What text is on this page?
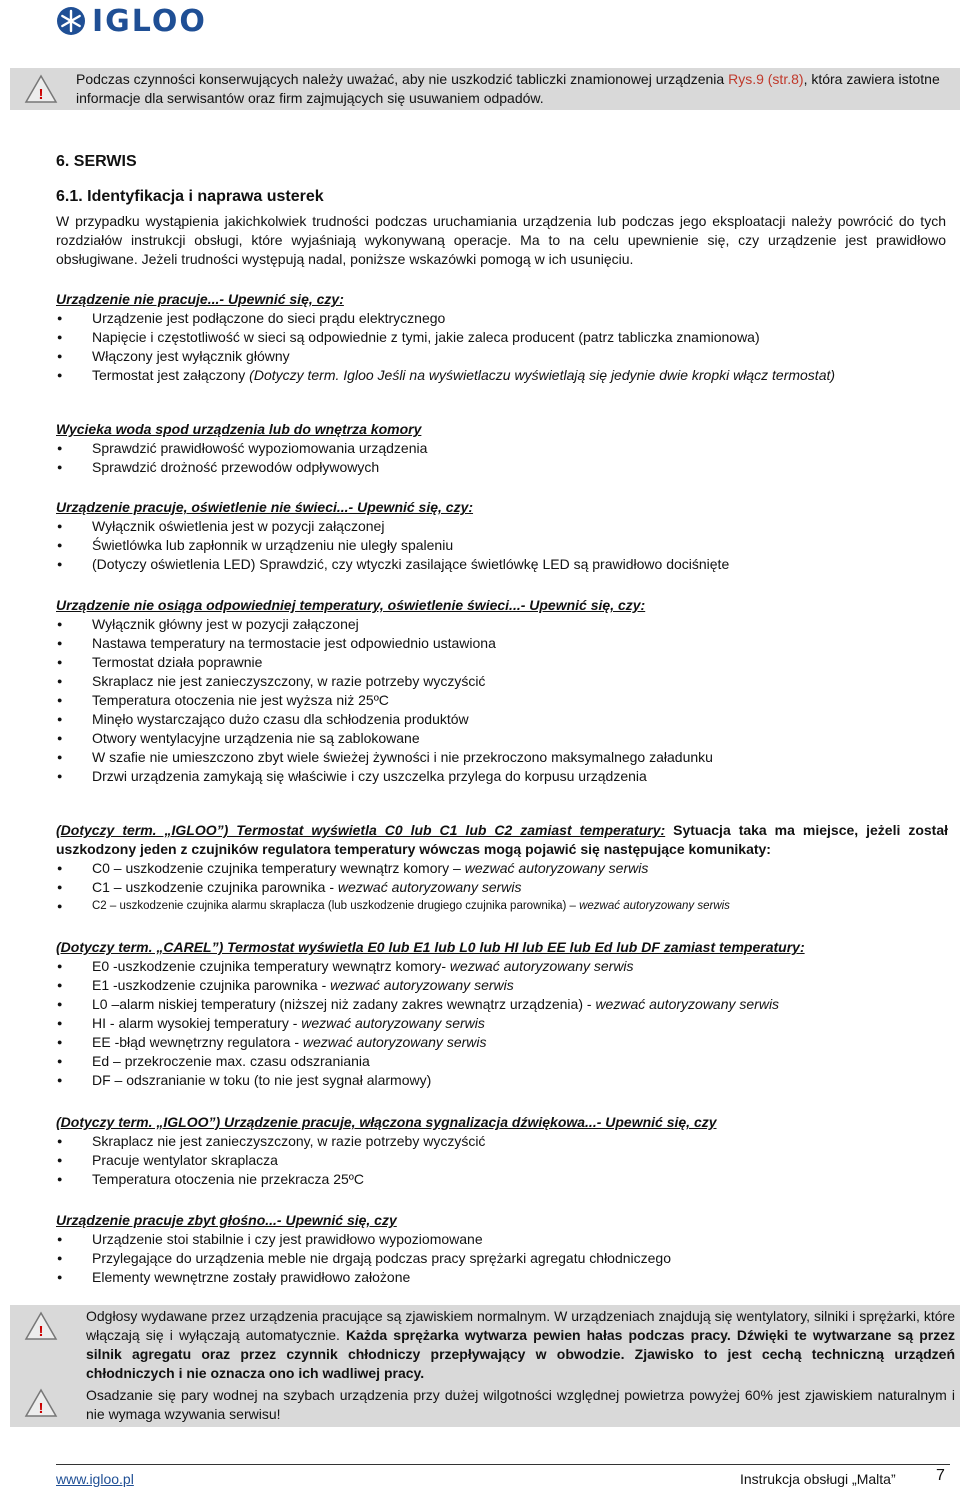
IGLOO
!
Podczas czynności konserwujących należy uważać, aby nie uszkodzić tabliczki znamionowej urządzenia Rys.9 (str.8), która zawiera istotne informacje dla serwisantów oraz firm zajmujących się usuwaniem odpadów.
6. SERWIS
6.1. Identyfikacja i naprawa usterek
W przypadku wystąpienia jakichkolwiek trudności podczas uruchamiania urządzenia lub podczas jego eksploatacji należy powrócić do tych rozdziałów instrukcji obsługi, które wyjaśniają wykonywaną operacje. Ma to na celu upewnienie się, czy urządzenie jest prawidłowo obsługiwane. Jeżeli trudności występują nadal, poniższe wskazówki pomogą w ich usunięciu.
Urządzenie nie pracuje...- Upewnić się, czy:
● Urządzenie jest podłączone do sieci prądu elektrycznego
● Napięcie i częstotliwość w sieci są odpowiednie z tymi, jakie zaleca producent (patrz tabliczka znamionowa)
● Włączony jest wyłącznik główny
● Termostat jest załączony (Dotyczy term. Igloo Jeśli na wyświetlaczu wyświetlają się jedynie dwie kropki włącz termostat)
Wycieka woda spod urządzenia lub do wnętrza komory
● Sprawdzić prawidłowość wypoziomowania urządzenia
● Sprawdzić drożność przewodów odpływowych
Urządzenie pracuje, oświetlenie nie świeci...- Upewnić się, czy:
● Wyłącznik oświetlenia jest w pozycji załączonej
● Świetlówka lub zapłonnik w urządzeniu nie uległy spaleniu
● (Dotyczy oświetlenia LED) Sprawdzić, czy wtyczki zasilające świetlówkę LED są prawidłowo dociśnięte
Urządzenie nie osiąga odpowiedniej temperatury, oświetlenie świeci...- Upewnić się, czy:
● Wyłącznik główny jest w pozycji załączonej
● Nastawa temperatury na termostacie jest odpowiednio ustawiona
● Termostat działa poprawnie
● Skraplacz nie jest zanieczyszczony, w razie potrzeby wyczyścić
● Temperatura otoczenia nie jest wyższa niż 25ºC
● Minęło wystarczająco dużo czasu dla schłodzenia produktów
● Otwory wentylacyjne urządzenia nie są zablokowane
● W szafie nie umieszczono zbyt wiele świeżej żywności i nie przekroczono maksymalnego załadunku
● Drzwi urządzenia zamykają się właściwie i czy uszczelka przylega do korpusu urządzenia
(Dotyczy term. „IGLOO”) Termostat wyświetla C0 lub C1 lub C2 zamiast temperatury: Sytuacja taka ma miejsce, jeżeli został uszkodzony jeden z czujników regulatora temperatury wówczas mogą pojawić się następujące komunikaty:
● C0 – uszkodzenie czujnika temperatury wewnątrz komory – wezwać autoryzowany serwis
● C1 – uszkodzenie czujnika parownika - wezwać autoryzowany serwis
● C2 – uszkodzenie czujnika alarmu skraplacza (lub uszkodzenie drugiego czujnika parownika) – wezwać autoryzowany serwis
(Dotyczy term. „CAREL”) Termostat wyświetla E0 lub E1 lub L0 lub HI lub EE lub Ed lub DF zamiast temperatury:
● E0 -uszkodzenie czujnika temperatury wewnątrz komory- wezwać autoryzowany serwis
● E1 -uszkodzenie czujnika parownika - wezwać autoryzowany serwis
● L0 –alarm niskiej temperatury (niższej niż zadany zakres wewnątrz urządzenia) - wezwać autoryzowany serwis
● HI - alarm wysokiej temperatury - wezwać autoryzowany serwis
● EE -błąd wewnętrzny regulatora - wezwać autoryzowany serwis
● Ed – przekroczenie max. czasu odszraniania
● DF – odszranianie w toku (to nie jest sygnał alarmowy)
(Dotyczy term. „IGLOO”) Urządzenie pracuje, włączona sygnalizacja dźwiękowa...- Upewnić się, czy
● Skraplacz nie jest zanieczyszczony, w razie potrzeby wyczyścić
● Pracuje wentylator skraplacza
● Temperatura otoczenia nie przekracza 25ºC
Urządzenie pracuje zbyt głośno...- Upewnić się, czy
● Urządzenie stoi stabilnie i czy jest prawidłowo wypoziomowane
● Przylegające do urządzenia meble nie drgają podczas pracy sprężarki agregatu chłodniczego
● Elementy wewnętrzne zostały prawidłowo założone
!
Odgłosy wydawane przez urządzenia pracujące są zjawiskiem normalnym. W urządzeniach znajdują się wentylatory, silniki i sprężarki, które włączają się i wyłączają automatycznie. Każda sprężarka wytwarza pewien hałas podczas pracy. Dźwięki te wytwarzane są przez silnik agregatu oraz przez czynnik chłodniczy przepływający w obwodzie. Zjawisko to jest cechą techniczną urządzeń chłodniczych i nie oznacza ono ich wadliwej pracy.
!
Osadzanie się pary wodnej na szybach urządzenia przy dużej wilgotności względnej powietrza powyżej 60% jest zjawiskiem naturalnym i nie wymaga wzywania serwisu!
www.igloo.pl	Instrukcja obsługi „Malta”	7
